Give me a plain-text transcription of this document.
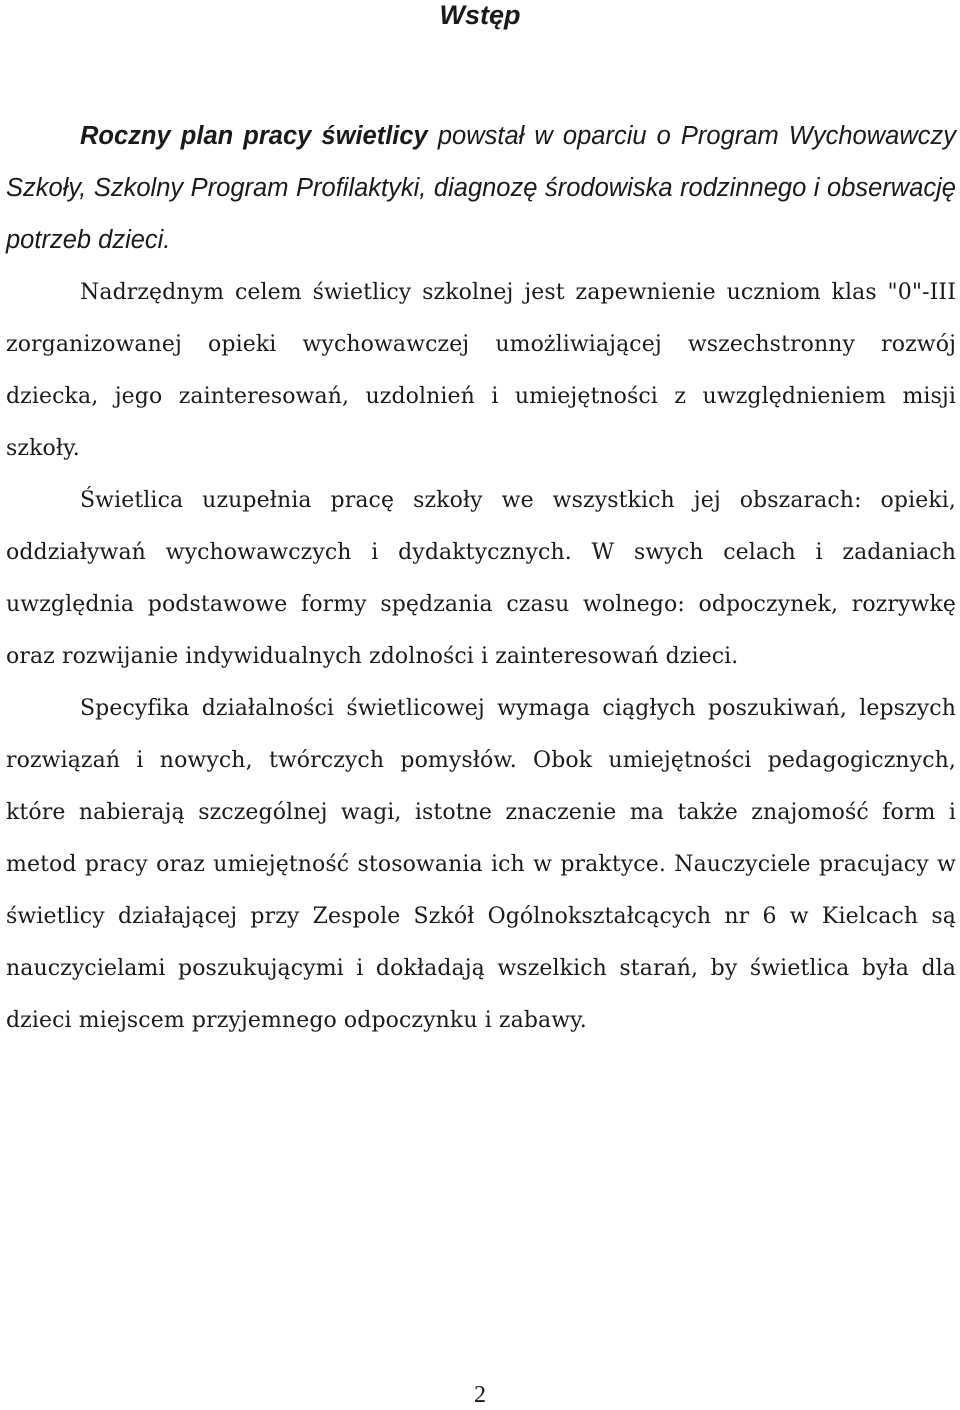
Wstęp

Roczny plan pracy świetlicy powstał w oparciu o Program Wychowawczy Szkoły, Szkolny Program Profilaktyki, diagnozę środowiska rodzinnego i obserwację potrzeb dzieci.

Nadrzędnym celem świetlicy szkolnej jest zapewnienie uczniom klas "0"-III zorganizowanej opieki wychowawczej umożliwiającej wszechstronny rozwój dziecka, jego zainteresowań, uzdolnień i umiejętności z uwzględnieniem misji szkoły.

Świetlica uzupełnia pracę szkoły we wszystkich jej obszarach: opieki, oddziaływań wychowawczych i dydaktycznych. W swych celach i zadaniach uwzględnia podstawowe formy spędzania czasu wolnego: odpoczynek, rozrywkę oraz rozwijanie indywidualnych zdolności i zainteresowań dzieci.

Specyfika działalności świetlicowej wymaga ciągłych poszukiwań, lepszych rozwiązań i nowych, twórczych pomysłów. Obok umiejętności pedagogicznych, które nabierają szczególnej wagi, istotne znaczenie ma także znajomość form i metod pracy oraz umiejętność stosowania ich w praktyce. Nauczyciele pracujacy w świetlicy działającej przy Zespole Szkół Ogólnokształcących nr 6 w Kielcach są nauczycielami poszukującymi i dokładają wszelkich starań, by świetlica była dla dzieci miejscem przyjemnego odpoczynku i zabawy.

2
